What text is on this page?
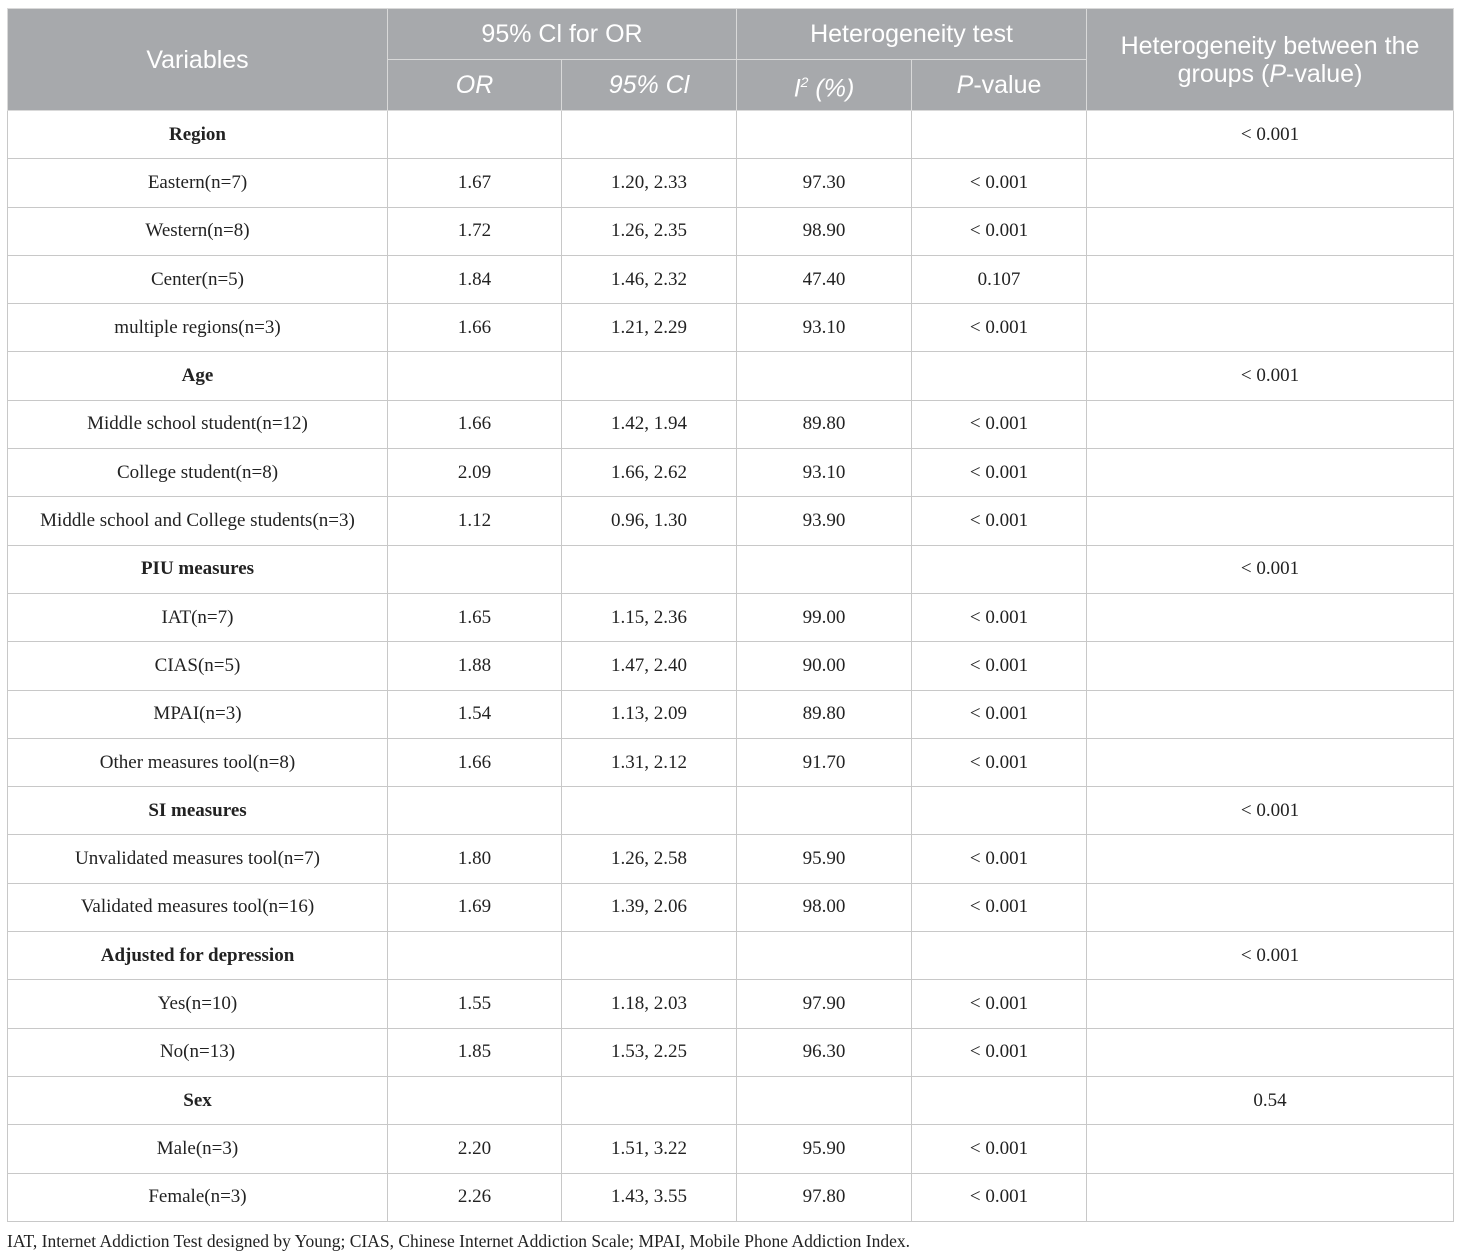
Variables	95% Cl for OR		Heterogeneity test		Heterogeneity between the
groups (P-value)
	OR	95% Cl	$I^2$ (%)	P-value	
Region					< 0.001
Eastern(n=7)	1.67	1.20, 2.33	97.30	< 0.001	
Western(n=8)	1.72	1.26, 2.35	98.90	< 0.001	
Center(n=5)	1.84	1.46, 2.32	47.40	0.107	
multiple regions(n=3)	1.66	1.21, 2.29	93.10	< 0.001	
Age					< 0.001
Middle school student(n=12)	1.66	1.42, 1.94	89.80	< 0.001	
College student(n=8)	2.09	1.66, 2.62	93.10	< 0.001	
Middle school and College students(n=3)	1.12	0.96, 1.30	93.90	< 0.001	
PIU measures					< 0.001
IAT(n=7)	1.65	1.15, 2.36	99.00	< 0.001	
CIAS(n=5)	1.88	1.47, 2.40	90.00	< 0.001	
MPAI(n=3)	1.54	1.13, 2.09	89.80	< 0.001	
Other measures tool(n=8)	1.66	1.31, 2.12	91.70	< 0.001	
SI measures					< 0.001
Unvalidated measures tool(n=7)	1.80	1.26, 2.58	95.90	< 0.001	
Validated measures tool(n=16)	1.69	1.39, 2.06	98.00	< 0.001	
Adjusted for depression					< 0.001
Yes(n=10)	1.55	1.18, 2.03	97.90	< 0.001	
No(n=13)	1.85	1.53, 2.25	96.30	< 0.001	
Sex					0.54
Male(n=3)	2.20	1.51, 3.22	95.90	< 0.001	
Female(n=3)	2.26	1.43, 3.55	97.80	< 0.001	
IAT, Internet Addiction Test designed by Young; CIAS, Chinese Internet Addiction Scale; MPAI, Mobile Phone Addiction Index.
